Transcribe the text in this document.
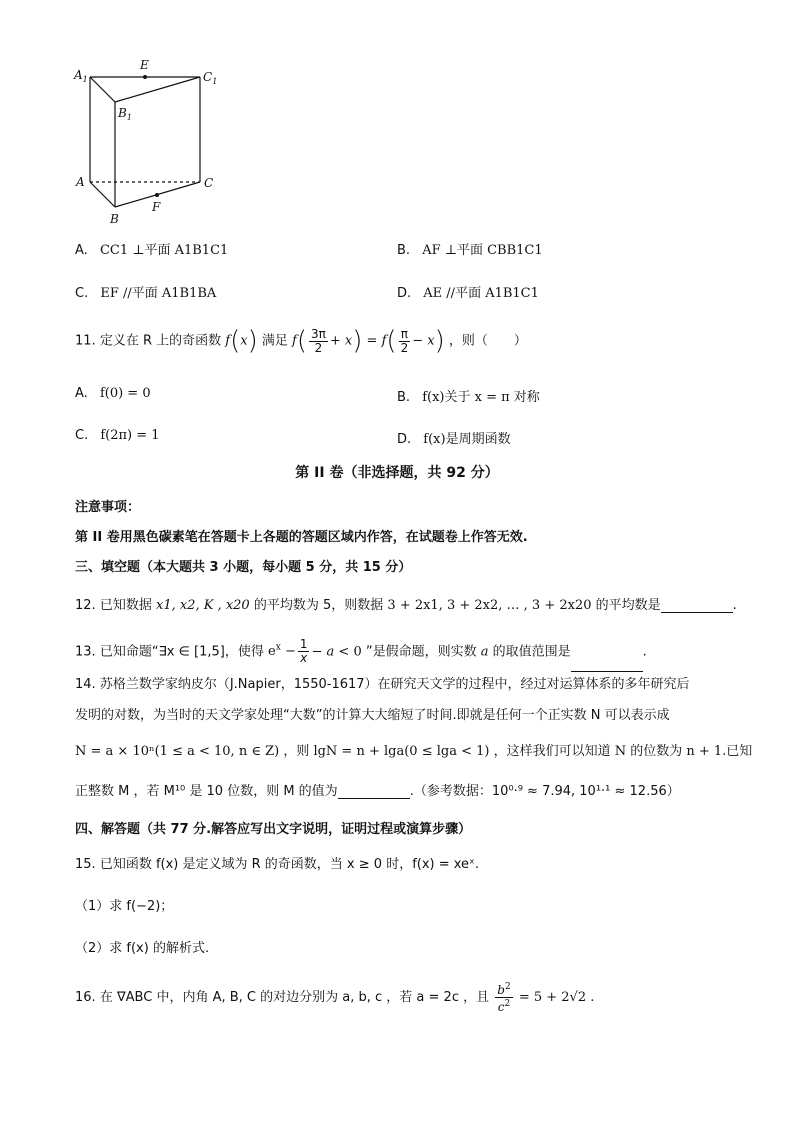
$A_1$
E
$C_1$
$B_1$
A	C
B
F
A. CC1 ⊥平面 A1B1C1	B. AF ⊥平面 CBB1C1
C. EF //平面 A1B1BA	D. AE //平面 A1B1C1
11. 定义在 R 上的奇函数 f(x) 满足 $f( \frac{3\pi}{2} + x) = f( \frac{\pi}{2} - x)$ ，则（　　）
A. f(0) = 0	B. f(x)关于 x = π 对称
C. f(2π) = 1	D. f(x)是周期函数
第 II 卷（非选择题，共 92 分）
注意事项：
第 II 卷用黑色碳素笔在答题卡上各题的答题区域内作答，在试题卷上作答无效.
三、填空题（本大题共 3 小题，每小题 5 分，共 15 分）
12. 已知数据 x1, x2, K , x20 的平均数为 5，则数据 3 + 2x1, 3 + 2x2, … , 3 + 2x20 的平均数是	.
13. 已知命题“∃x ∈ [1,5]，使得 $e^x - \frac{1}{x} - a < 0$ ”是假命题，则实数 a 的取值范围是	.
14. 苏格兰数学家纳皮尔（J.Napier，1550-1617）在研究天文学的过程中，经过对运算体系的多年研究后
发明的对数，为当时的天文学家处理“大数”的计算大大缩短了时间.即就是任何一个正实数 N 可以表示成
N = a × 10ⁿ(1 ≤ a < 10, n ∈ Z) ，则 lgN = n + lga(0 ≤ lga < 1) ，这样我们可以知道 N 的位数为 n + 1.已知
正整数 M ，若 M¹⁰ 是 10 位数，则 M 的值为	.（参考数据：10⁰·⁹ ≈ 7.94, 10¹·¹ ≈ 12.56）
四、解答题（共 77 分.解答应写出文字说明，证明过程或演算步骤）
15. 已知函数 f(x) 是定义域为 R 的奇函数，当 x ≥ 0 时，f(x) = xeˣ.
（1）求 f(−2)；
（2）求 f(x) 的解析式.
16. 在 ∇ABC 中，内角 A, B, C 的对边分别为 a, b, c ，若 a = 2c ，且 $\frac{b^2}{c^2} = 5 + 2√2$ .
